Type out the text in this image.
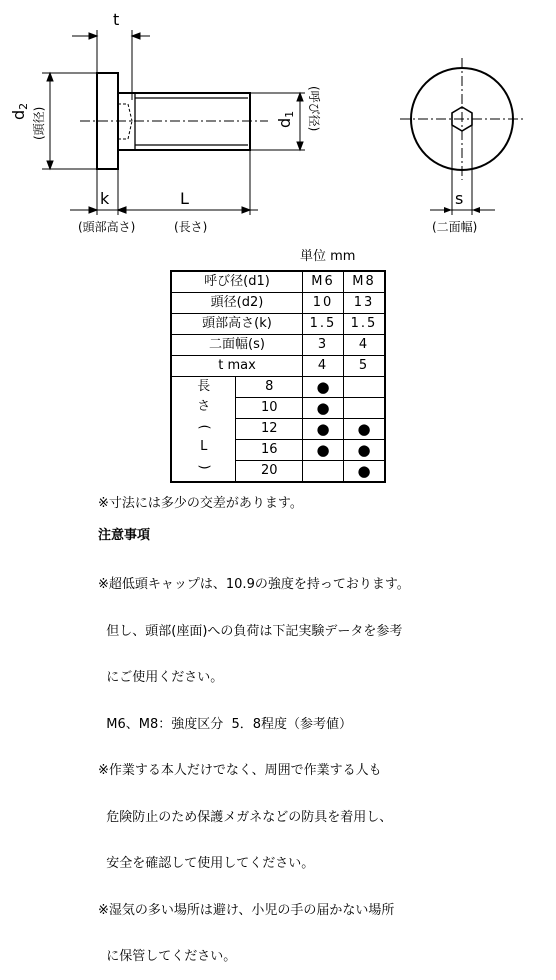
t
d2
(頭径)	d1 (呼び径)
k	L
(頭部高さ)	(長さ)
s
(二面幅)
単位 mm
呼び径(d1)		M6	M8
頭径(d2)		10	13
頭部高さ(k)		1.5	1.5
二面幅(s)		3	4
t max		4	5

長
さ
(
L
)	8	●	
	10	●	
	12	●	●
	16	●	●
	20		●
※寸法には多少の交差があります。
注意事項

※超低頭キャップは、10.9の強度を持っております。

但し、頭部(座面)への負荷は下記実験データを参考

にご使用ください。

M6、M8：強度区分  5．8程度（参考値）

※作業する本人だけでなく、周囲で作業する人も

危険防止のため保護メガネなどの防具を着用し、

安全を確認して使用してください。

※湿気の多い場所は避け、小児の手の届かない場所

に保管してください。
